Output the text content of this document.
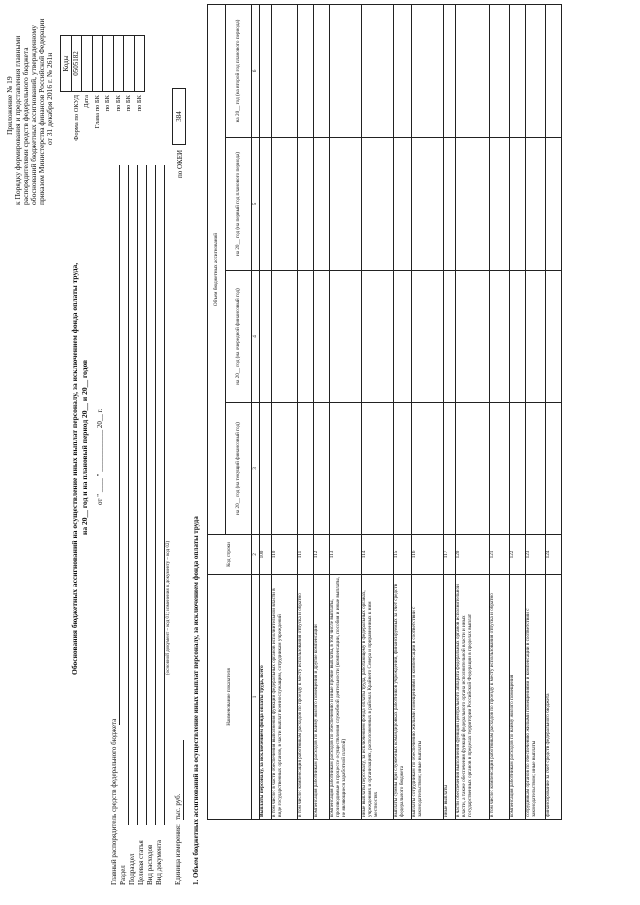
Приложение № 19 к Порядку формирования и представления главными распорядителями средств федерального бюджета обоснований бюджетных ассигнований, утвержденному приказом Министерства финансов Российской Федерации от 31 декабря 2016 г. № 261н
	Коды
Форма по ОКУД	0505182
Дата	
Глава по БК	
по БК	
по БК	
по БК	
по БК	
Обоснования бюджетных ассигнований на осуществление иных выплат персоналу, за исключением фонда оплаты труда, на 20__ год и на плановый период 20__ и 20__ годов от " ____ " ____________ 20__ г.
Главный распорядитель средств федерального бюджета Раздел Подраздел Целевая статья Вид расходов Вид документа
(основной документ – код 01; изменения к документу – код 02)
Единица измерения:
тыс. руб.
по ОКЕИ
384
1. Объем бюджетных ассигнований на осуществление иных выплат персоналу, за исключением фонда оплаты труда	Наименование показателя	Код строки	Объем бюджетных ассигнований			
		на 20__ год (на текущий финансовый год)	на 20__ год (на очередной финансовый год)	на 20__ год (на первый год планового периода)	на 20__ год (на второй год планового периода)
1	2	3	4	5	6
Выплаты персоналу, за исключением фонда оплаты труда, всего	100				
в том числе: в части обеспечения выполнения функций федеральных органов исполнительной власти в виде государственных органов, в части выплат военнослужащим, сотрудникам учреждений	110				
в том числе: компенсация работникам расходов по проезду к месту использования отпуска и обратно	111				
компенсация работникам расходов по найму жилого помещения и другие компенсации	112				
компенсация работникам расходов по обеспечению и иные прочие выплаты, в том числе выплаты, производимые в процессе осуществления служебной деятельности (компенсации, пособия и иные выплаты, не являющиеся заработной платой)	113				
иные выплаты персоналу, за исключением фонда оплаты труда, работающему в федеральных органах, учреждениях и организациях, расположенных в районах Крайнего Севера и приравненных к ним местностях	114				
выплаты суммы при служебных командировках работников учреждений, финансируемых за счет средств федерального бюджета	115				
выплаты сотрудникам по обеспечению жилыми помещениями и компенсации в соответствии с законодательством; иные выплаты	116				
иные выплаты	117				
в части обеспечения выполнения функций центрального аппарата федеральных органов исполнительной власти, а также обеспечения функций федерального органа исполнительной власти и иных государственных органов в пределах территории Российской Федерации в пределах выплат	120				
в том числе: компенсация работникам расходов по проезду к месту использования отпуска и обратно	121				
компенсация работникам расходов по найму жилого помещения	122				
сотрудникам органов по обеспечению жилыми помещениями и компенсации в соответствии с законодательством; иные выплаты	123				
финансирование за счет средств федерального бюджета	124				
